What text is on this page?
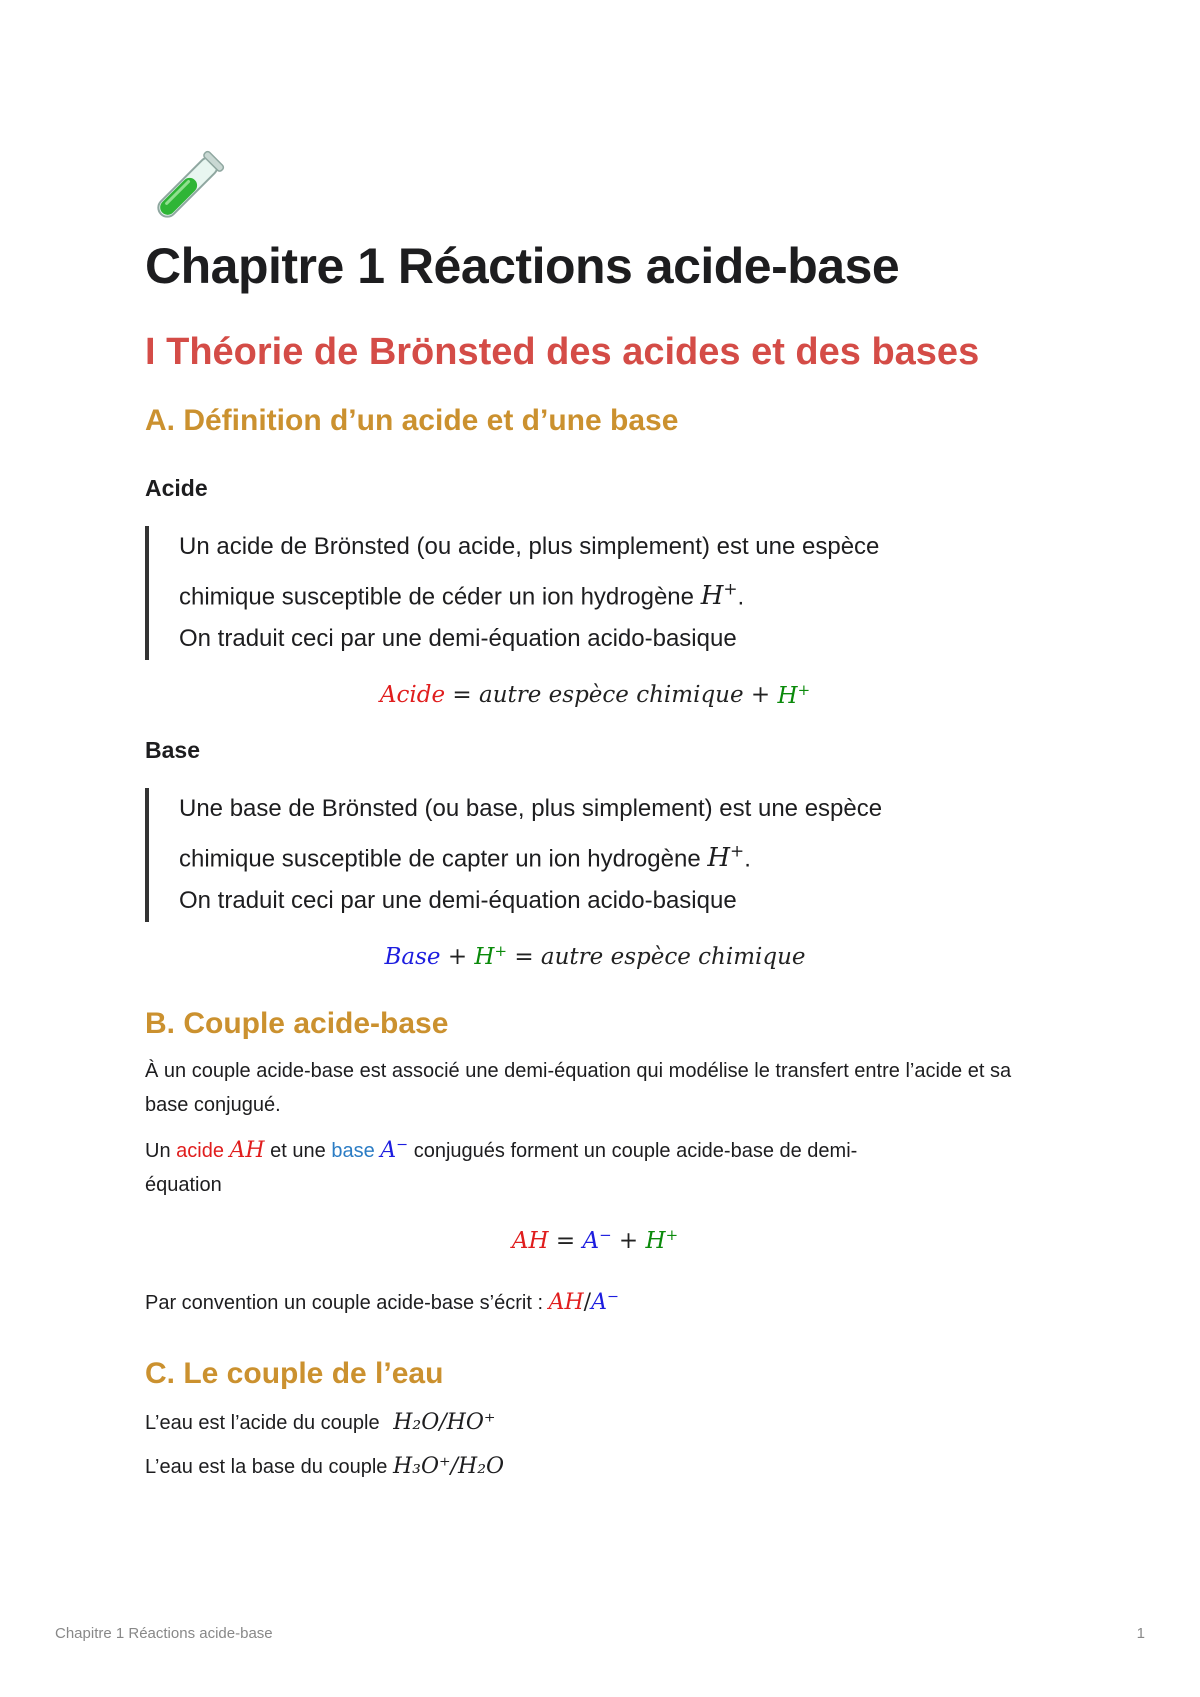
Chapitre 1 Réactions acide-base
I Théorie de Brönsted des acides et des bases
A. Définition d’un acide et d’une base
Acide
Un acide de Brönsted (ou acide, plus simplement) est une espèce
chimique susceptible de céder un ion hydrogène H+.
On traduit ceci par une demi-équation acido-basique
Acide = autre espèce chimique + H+
Base
Une base de Brönsted (ou base, plus simplement) est une espèce
chimique susceptible de capter un ion hydrogène H+.
On traduit ceci par une demi-équation acido-basique
Base + H+ = autre espèce chimique
B. Couple acide-base

À un couple acide-base est associé une demi-équation qui modélise le transfert entre l’acide et sa base conjugué.

Un acide AH et une base A− conjugués forment un couple acide-base de demi-
équation

AH = A− + H+

Par convention un couple acide-base s’écrit : AH/A−

C. Le couple de l’eau

L’eau est l’acide du couple H₂O/HO⁺

L’eau est la base du couple H₃O⁺/H₂O

Chapitre 1 Réactions acide-base	1
